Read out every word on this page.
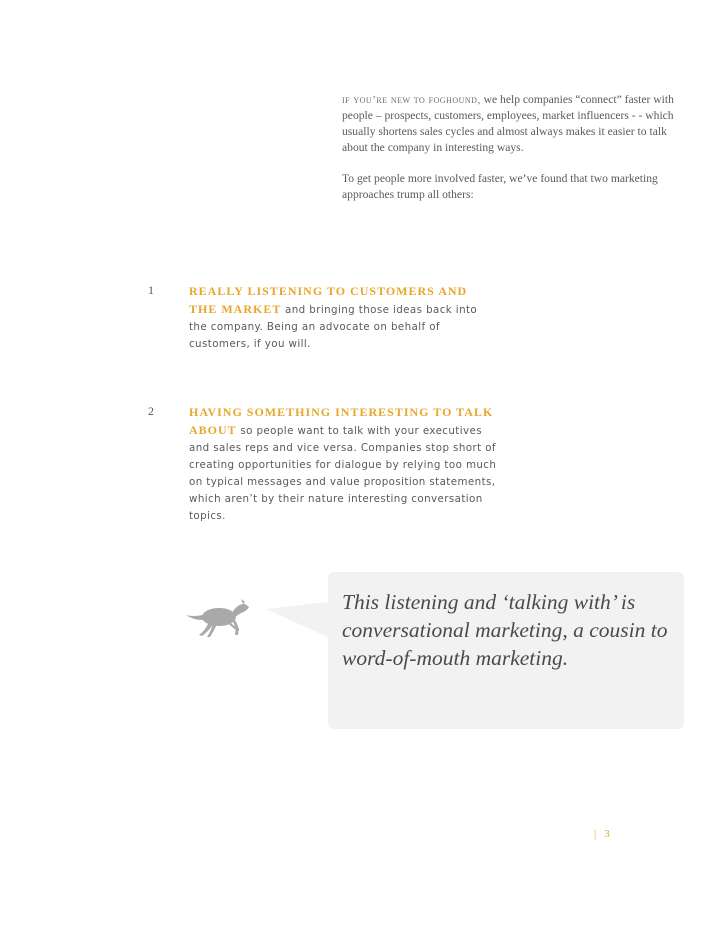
if you’re new to foghound, we help companies “connect” faster with people – prospects, customers, employees, market influencers - - which usually shortens sales cycles and almost always makes it easier to talk about the company in interesting ways.

To get people more involved faster, we’ve found that two marketing approaches trump all others:

1	REALLY LISTENING TO CUSTOMERS AND THE MARKET and bringing those ideas back into the company. Being an advocate on behalf of customers, if you will.
2	HAVING SOMETHING INTERESTING TO TALK ABOUT so people want to talk with your executives and sales reps and vice versa. Companies stop short of creating opportunities for dialogue by relying too much on typical messages and value proposition statements, which aren’t by their nature interesting conversation topics.

This listening and ‘talking with’ is conversational marketing, a cousin to word-of-mouth marketing.

| 3
